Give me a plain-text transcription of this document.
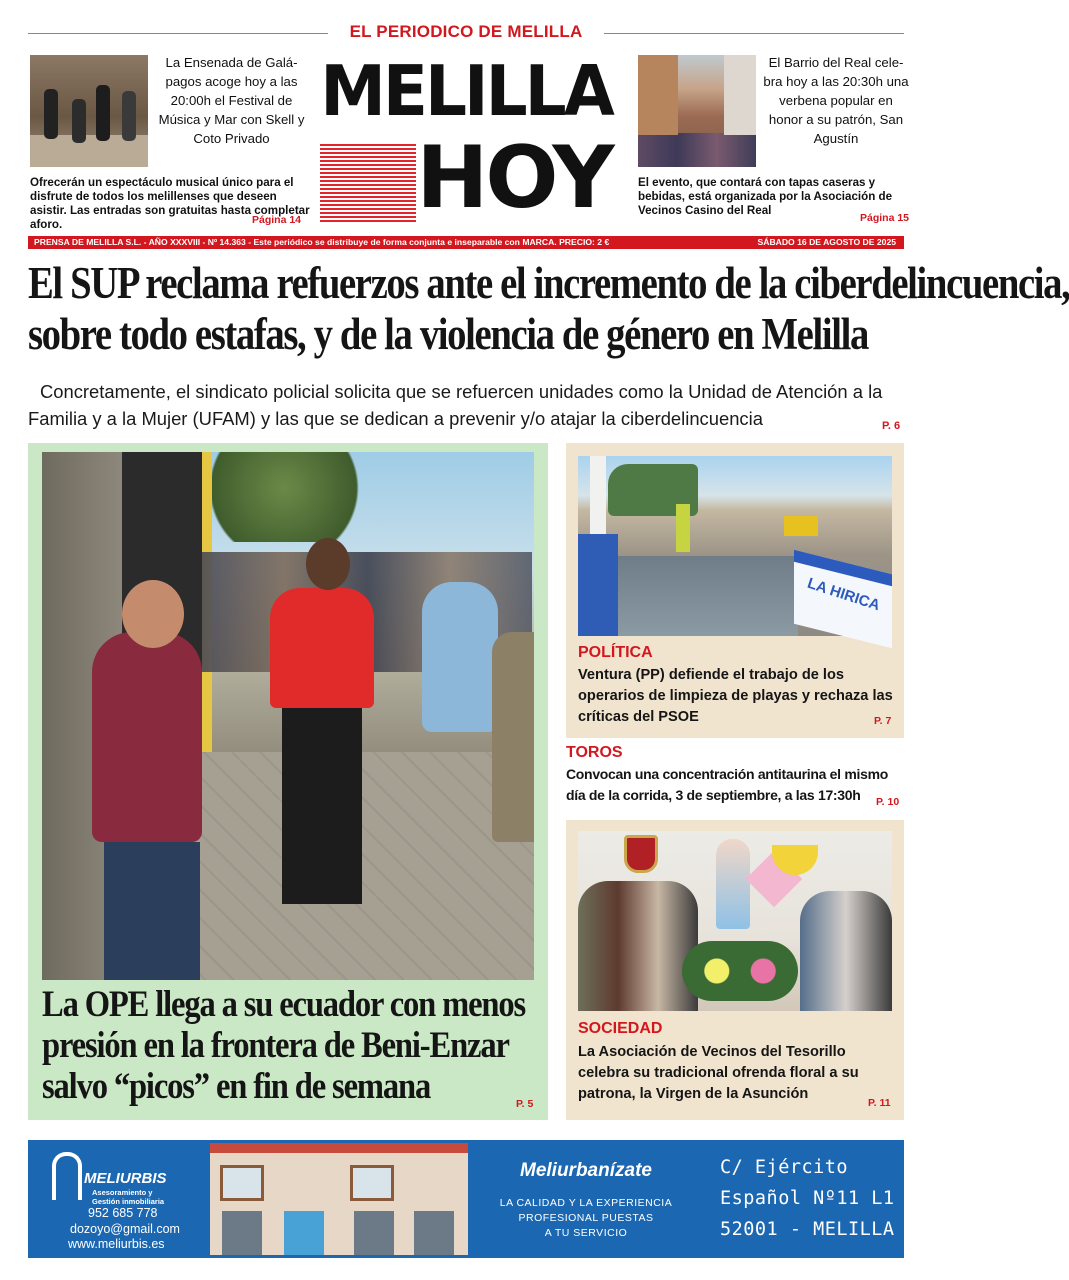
EL PERIODICO DE MELILLA
La Ensenada de Galá-
pagos acoge hoy a las
20:00h el Festival de
Música y Mar con Skell y
Coto Privado
Ofrecerán un espectáculo musical único para el disfrute de todos los melillenses que deseen asistir. Las entradas son gratuitas hasta completar aforo.	Página 14
MELILLA
HOY
El Barrio del Real cele-
bra hoy a las 20:30h una
verbena popular en
honor a su patrón, San
Agustín
El evento, que contará con tapas caseras y bebidas, está organizada por la Asociación de Vecinos Casino del Real
Página 15
PRENSA DE MELILLA S.L. - AÑO XXXVIII - Nº 14.363 - Este periódico se distribuye de forma conjunta e inseparable con MARCA. PRECIO: 2 €	SÁBADO 16 DE AGOSTO DE 2025
El SUP reclama refuerzos ante el incremento de la ciberdelincuencia,
sobre todo estafas, y de la violencia de género en Melilla
Concretamente, el sindicato policial solicita que se refuercen unidades como la Unidad de Atención a la Familia y a la Mujer (UFAM) y las que se dedican a prevenir y/o atajar la ciberdelincuencia	P. 6
La OPE llega a su ecuador con menos
presión en la frontera de Beni-Enzar
salvo “picos” en fin de semana	P. 5
LA HIRICA
POLÍTICA
Ventura (PP) defiende el trabajo de los operarios de limpieza de playas y rechaza las críticas del PSOE	P. 7
TOROS
Convocan una concentración antitaurina el mismo
día de la corrida, 3 de septiembre, a las 17:30h	P. 10
SOCIEDAD
La Asociación de Vecinos del Tesorillo celebra su tradicional ofrenda floral a su patrona, la Virgen de la Asunción
P. 11
MELIURBIS
Asesoramiento y
Gestión inmobiliaria
952 685 778
dozoyo@gmail.com
www.meliurbis.es
Meliurbanízate
LA CALIDAD Y LA EXPERIENCIA
PROFESIONAL PUESTAS
A TU SERVICIO
C/ Ejército
Español Nº11 L1
52001 - MELILLA
